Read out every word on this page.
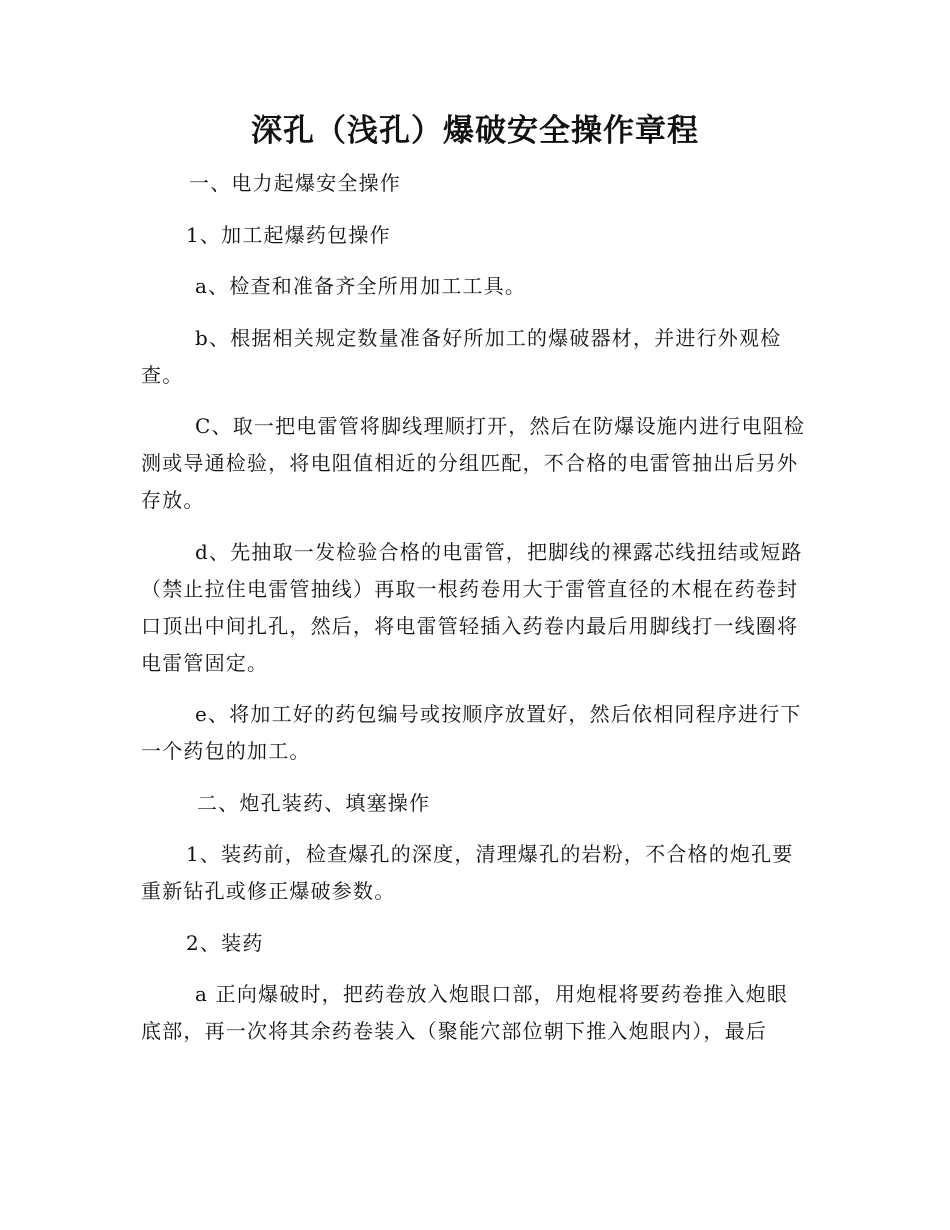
深孔（浅孔）爆破安全操作章程

一、电力起爆安全操作

1、加工起爆药包操作

a、检查和准备齐全所用加工工具。

b、根据相关规定数量准备好所加工的爆破器材，并进行外观检查。

C、取一把电雷管将脚线理顺打开，然后在防爆设施内进行电阻检测或导通检验，将电阻值相近的分组匹配，不合格的电雷管抽出后另外存放。

d、先抽取一发检验合格的电雷管，把脚线的裸露芯线扭结或短路（禁止拉住电雷管抽线）再取一根药卷用大于雷管直径的木棍在药卷封口顶出中间扎孔，然后，将电雷管轻插入药卷内最后用脚线打一线圈将电雷管固定。

e、将加工好的药包编号或按顺序放置好，然后依相同程序进行下一个药包的加工。

二、炮孔装药、填塞操作

1、装药前，检查爆孔的深度，清理爆孔的岩粉，不合格的炮孔要重新钻孔或修正爆破参数。

2、装药

a 正向爆破时，把药卷放入炮眼口部，用炮棍将要药卷推入炮眼底部，再一次将其余药卷装入（聚能穴部位朝下推入炮眼内），最后
